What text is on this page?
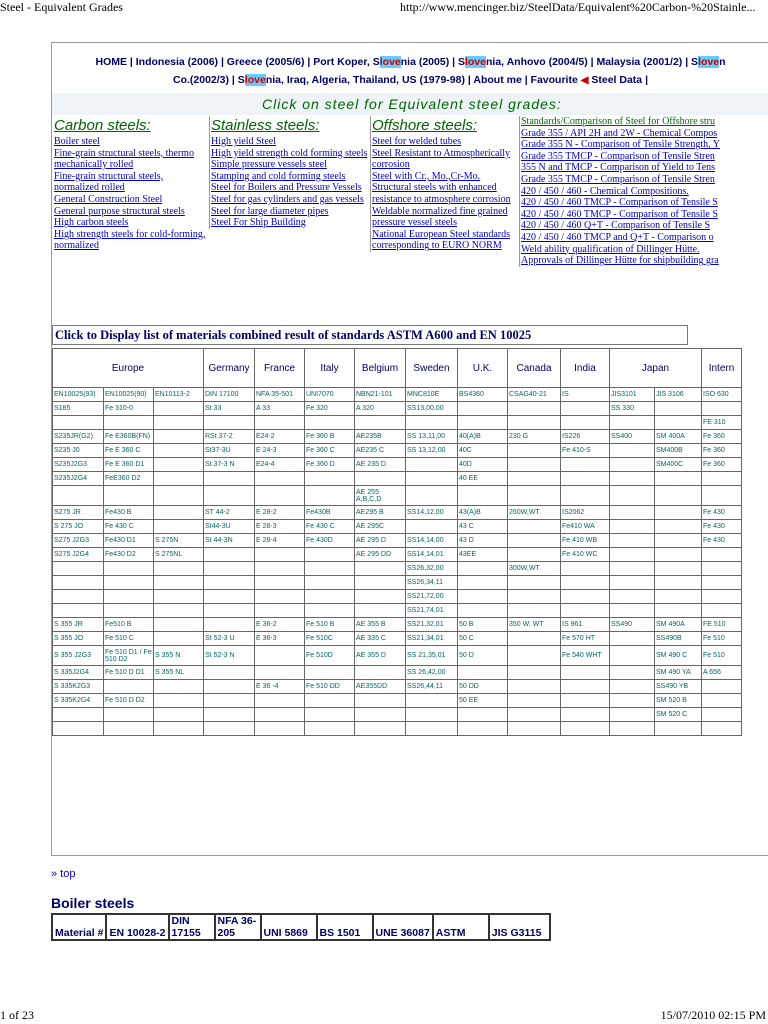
Steel - Equivalent Grades	http://www.mencinger.biz/SteelData/Equivalent%20Carbon-%20Stainle...
HOME | Indonesia (2006) | Greece (2005/6) | Port Koper, Slovenia (2005) | Slovenia, Anhovo (2004/5) | Malaysia (2001/2) | Sloven
Co.(2002/3) | Slovenia, Iraq, Algeria, Thailand, US (1979-98) | About me | Favourite ◀ Steel Data |
Click on steel for Equivalent steel grades:
Carbon steels:
Boiler steel
Fine-grain structural steels, thermo mechanically rolled
Fine-grain structural steels, normalized rolled
General Construction Steel
General purpose structural steels
High carbon steels
High strength steels for cold-forming, normalized
Stainless steels:
High yield Steel
High yield strength cold forming steels
Simple pressure vessels steel
Stamping and cold forming steels
Steel for Boilers and Pressure Vessels
Steel for gas cylinders and gas vessels
Steel for large diameter pipes
Steel For Ship Building
Offshore steels:
Steel for welded tubes
Steel Resistant to Atmospherically corrosion
Steel with Cr., Mo.,Cr-Mo.
Structural steels with enhanced resistance to atmosphere corrosion
Weldable normalized fine grained pressure vessel steels
National European Steel standards corresponding to EURO NORM
Standards/Comparison of Steel for Offshore stru
Grade 355 / API 2H and 2W - Chemical Compos
Grade 355 N - Comparison of Tensile Strength, Y
Grade 355 TMCP - Comparison of Tensile Stren
355 N and TMCP - Comparison of Yield to Tens
Grade 355 TMCP - Comparison of Tensile Stren
420 / 450 / 460 - Chemical Compositions.
420 / 450 / 460 TMCP - Comparison of Tensile S
420 / 450 / 460 TMCP - Comparison of Tensile S
420 / 450 / 460 Q+T - Comparison of Tensile S
420 / 450 / 460 TMCP and Q+T - Comparison o
Weld ability qualification of Dillinger Hütte.
Approvals of Dillinger Hütte for shipbuilding gra
Click to Display list of materials combined result of standards ASTM A600 and EN 10025
Europe			Germany	France	Italy	Belgium	Sweden	U.K.	Canada	India	Japan		Intern
EN10025(93)	EN10025(90)	EN10113-2	DIN 17100	NFA 35-501	UNI7070	NBN21-101	MNC810E	BS4360	CSAG40-21	IS	JIS3101	JIS 3106	ISO 630
S185	Fe 310-0		St 33	A 33	Fe 320	A 320	SS13,00,00				SS 330		
													FE 310
S235JR(G2)	Fe E360B(FN)		RSt 37-2	E24-2	Fe 360 B	AE235B	SS 13,11,00	40(A)B	230 G	IS226	SS400	SM 400A	Fe 360
S235 J0	Fe E 360 C		St37-3U	E 24-3	Fe 360 C	AE235 C	SS 13,12,00	40C		Fe 410-S		SM400B	Fe 360
S235J2G3	Fe E 360 D1		St 37-3 N	E24-4	Fe 360 D	AE 235 D		40D				SM400C	Fe 360
S235J2G4	FeE360 D2							40 EE					
						AE 255 A,B,C,D							
S275 JR	Fe430 B		ST 44-2	E 28-2	Fe430B	AE295 B	SS14,12,00	43(A)B	260W,WT	IS2062			Fe 430
S 275 JO	Fe 430 C		St44-3U	E 28-3	Fe 430 C	AE 295C		43 C		Fe410 WA			Fe 430
S275 J2G3	Fe430 D1	S 275N	St 44-3N	E 28-4	Fe 430D	AE 295 D	SS14,14,00	43 D		Fe 410 WB			Fe 430
S275 J2G4	Fe430 D2	S 275NL				AE 295 DD	SS14,14,01	43EE		Fe 410 WC			
							SS26,32,00		300W,WT				
							SS26,34,11						
							SS21,72,00						
							SS21,74,01						
S 355 JR	Fe510 B			E 36-2	Fe 510 B	AE 355 B	SS21,32,01	50 B	350 W, WT	IS 961	SS490	SM 490A	FE 510
S 355 JO	Fe 510 C		St 52-3 U	E 36-3	Fe 510C	AE 335 C	SS21,34,01	50 C		Fe 570 HT		SS490B	Fe 510
S 355 J2G3	Fe 510 D1 / Fe 510 D2	S 355 N	St 52-3 N		Fe 510D	AE 355 D	SS 21,35,01	50 D		Fe 540 WHT		SM 490 C	Fe 510
S 335J2G4	Fe 510 D D1	S 355 NL					SS 26,42,00					SM 490 YA	A 656
S 335K2G3				E 36 -4	Fe 510 DD	AE355DD	SS26,44,11	50 DD				SS490 YB	
S 335K2G4	Fe 510 D D2							50 EE				SM 520 B	
												SM 520 C	

» top
Boiler steels
Material #	EN 10028-2	DIN 17155	NFA 36-205	UNI 5869	BS 1501	UNE 36087	ASTM	JIS G3115
1 of 23	15/07/2010 02:15 PM
